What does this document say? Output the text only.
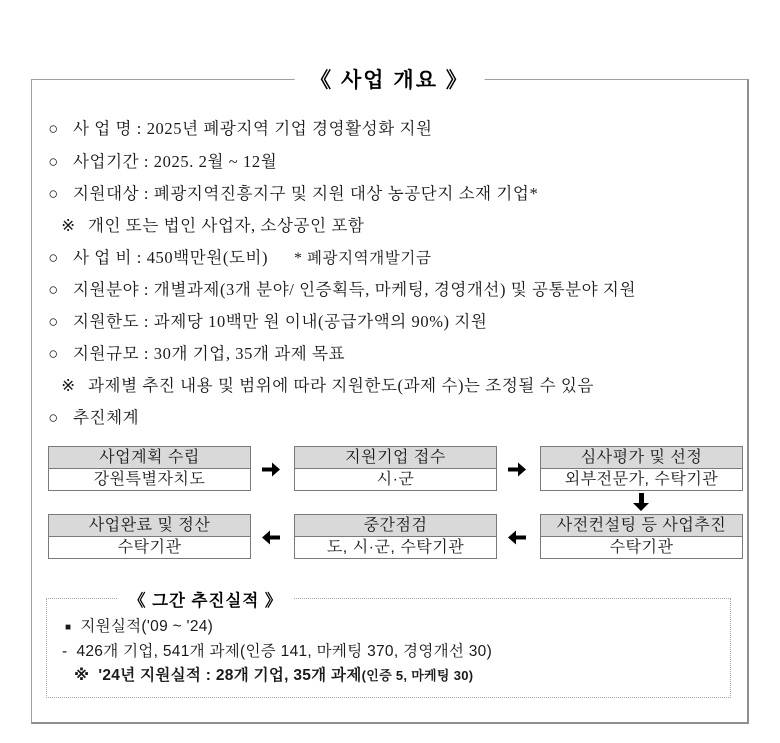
《 사업 개요 》
○ 사 업 명 : 2025년 폐광지역 기업 경영활성화 지원
○ 사업기간 : 2025. 2월 ~ 12월
○ 지원대상 : 폐광지역진흥지구 및 지원 대상 농공단지 소재 기업*
※ 개인 또는 법인 사업자, 소상공인 포함
○ 사 업 비 : 450백만원(도비) * 폐광지역개발기금
○ 지원분야 : 개별과제(3개 분야/ 인증획득, 마케팅, 경영개선) 및 공통분야 지원
○ 지원한도 : 과제당 10백만 원 이내(공급가액의 90%) 지원
○ 지원규모 : 30개 기업, 35개 과제 목표
※ 과제별 추진 내용 및 범위에 따라 지원한도(과제 수)는 조정될 수 있음
○ 추진체계
사업계획 수립
강원특별자치도
지원기업 접수
시·군
심사평가 및 선정
외부전문가, 수탁기관
사업완료 및 정산
수탁기관
중간점검
도, 시·군, 수탁기관
사전컨설팅 등 사업추진
수탁기관
《 그간 추진실적 》
■ 지원실적('09 ~ '24)
- 426개 기업, 541개 과제(인증 141, 마케팅 370, 경영개선 30)
※ '24년 지원실적 : 28개 기업, 35개 과제(인증 5, 마케팅 30)
